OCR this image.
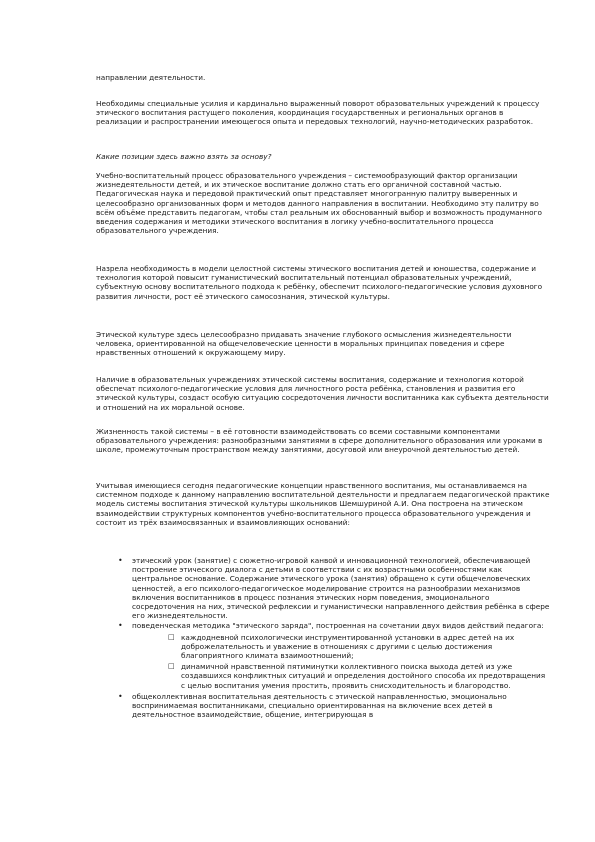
направлении деятельности.

Необходимы специальные усилия и кардинально выраженный поворот образовательных учреждений к процессу этического воспитания растущего поколения, координация государственных и региональных органов в реализации и распространении имеющегося опыта и передовых технологий, научно-методических разработок.

Какие позиции здесь важно взять за основу?

Учебно-воспитательный процесс образовательного учреждения – системообразующий фактор организации жизнедеятельности детей, и их этическое воспитание должно стать его органичной составной частью. Педагогическая наука и передовой практический опыт представляет многогранную палитру выверенных и целесообразно организованных форм и методов данного направления в воспитании. Необходимо эту палитру во всём объёме представить педагогам, чтобы стал реальным их обоснованный выбор и возможность продуманного введения содержания и методики этического воспитания в логику учебно-воспитательного процесса образовательного учреждения.

Назрела необходимость в модели целостной системы этического воспитания детей и юношества, содержание и технология которой повысит гуманистический воспитательный потенциал образовательных учреждений, субъектную основу воспитательного подхода к ребёнку, обеспечит психолого-педагогические условия духовного развития личности, рост её этического самосознания, этической культуры.

Этической культуре здесь целесообразно придавать значение глубокого осмысления жизнедеятельности человека, ориентированной на общечеловеческие ценности в моральных принципах поведения и сфере нравственных отношений к окружающему миру.

Наличие в образовательных учреждениях этической системы воспитания, содержание и технология которой обеспечат психолого-педагогические условия для личностного роста ребёнка, становления и развития его этической культуры, создаст особую ситуацию сосредоточения личности воспитанника как субъекта деятельности и отношений на их моральной основе.

Жизненность такой системы – в её готовности взаимодействовать со всеми составными компонентами образовательного учреждения: разнообразными занятиями в сфере дополнительного образования или уроками в школе, промежуточным пространством между занятиями, досуговой или внеурочной деятельностью детей.

Учитывая имеющиеся сегодня педагогические концепции нравственного воспитания, мы останавливаемся на системном подходе к данному направлению воспитательной деятельности и предлагаем педагогической практике модель системы воспитания этической культуры школьников Шемшуриной А.И. Она построена на этическом взаимодействии структурных компонентов учебно-воспитательного процесса образовательного учреждения и состоит из трёх взаимосвязанных и взаимовлияющих оснований:

• этический урок (занятие) с сюжетно-игровой канвой и инновационной технологией, обеспечивающей построение этического диалога с детьми в соответствии с их возрастными особенностями как центральное основание. Содержание этического урока (занятия) обращено к сути общечеловеческих ценностей, а его психолого-педагогическое моделирование строится на разнообразии механизмов включения воспитанников в процесс познания этических норм поведения, эмоционального сосредоточения на них, этической рефлексии и гуманистически направленного действия ребёнка в сфере его жизнедеятельности.
• поведенческая методика "этического заряда", построенная на сочетании двух видов действий педагога:
□ каждодневной психологически инструментированной установки в адрес детей на их доброжелательность и уважение в отношениях с другими с целью достижения благоприятного климата взаимоотношений;
□ динамичной нравственной пятиминутки коллективного поиска выхода детей из уже создавшихся конфликтных ситуаций и определения достойного способа их предотвращения с целью воспитания умения простить, проявить снисходительность и благородство.
• общеколлективная воспитательная деятельность с этической направленностью, эмоционально воспринимаемая воспитанниками, специально ориентированная на включение всех детей в деятельностное взаимодействие, общение, интегрирующая в
